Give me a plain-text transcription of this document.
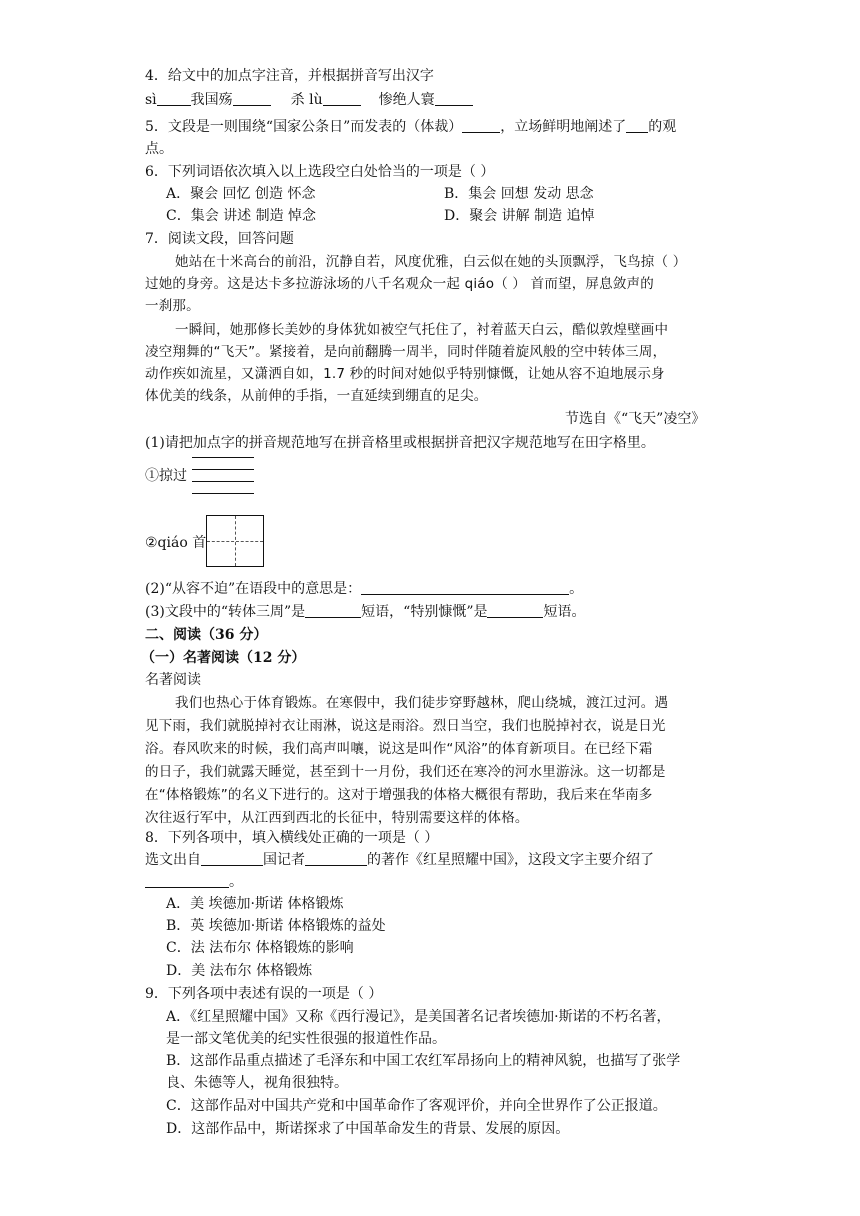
4．给文中的加点字注音，并根据拼音写出汉字
sì 我国殇	杀 lù	惨绝人寰
5．文段是一则围绕“国家公条日”而发表的（体裁）	，立场鲜明地阐述了 的观
点。
6．下列词语依次填入以上选段空白处恰当的一项是（ ）
A．聚会 回忆 创造 怀念	B．集会 回想 发动 思念
C．集会 讲述 制造 悼念	D．聚会 讲解 制造 追悼
7．阅读文段，回答问题
她站在十米高台的前沿，沉静自若，风度优雅，白云似在她的头顶飘浮，飞鸟掠（ ）
过她的身旁。这是达卡多拉游泳场的八千名观众一起 qiáo（ ） 首而望，屏息敛声的
一刹那。
一瞬间，她那修长美妙的身体犹如被空气托住了，衬着蓝天白云，酷似敦煌壁画中
凌空翔舞的“飞天”。紧接着，是向前翻腾一周半，同时伴随着旋风般的空中转体三周，
动作疾如流星，又潇洒自如，1.7 秒的时间对她似乎特别慷慨，让她从容不迫地展示身
体优美的线条，从前伸的手指，一直延续到绷直的足尖。
节选自《“飞天”凌空》
(1)请把加点字的拼音规范地写在拼音格里或根据拼音把汉字规范地写在田字格里。
①掠过
②qiáo 首
(2)“从容不迫”在语段中的意思是：	。
(3)文段中的“转体三周”是	短语，“特别慷慨”是	短语。
二、阅读（36 分）
（一）名著阅读（12 分）
名著阅读
我们也热心于体育锻炼。在寒假中，我们徒步穿野越林，爬山绕城，渡江过河。遇
见下雨，我们就脱掉衬衣让雨淋，说这是雨浴。烈日当空，我们也脱掉衬衣，说是日光
浴。春风吹来的时候，我们高声叫嚷，说这是叫作“风浴”的体育新项目。在已经下霜
的日子，我们就露天睡觉，甚至到十一月份，我们还在寒冷的河水里游泳。这一切都是
在“体格锻炼”的名义下进行的。这对于增强我的体格大概很有帮助，我后来在华南多
次往返行军中，从江西到西北的长征中，特别需要这样的体格。
8．下列各项中，填入横线处正确的一项是（ ）
选文出自	国记者	的著作《红星照耀中国》，这段文字主要介绍了
。
A．美 埃德加·斯诺 体格锻炼
B．英 埃德加·斯诺 体格锻炼的益处
C．法 法布尔 体格锻炼的影响
D．美 法布尔 体格锻炼
9．下列各项中表述有误的一项是（ ）
A．《红星照耀中国》又称《西行漫记》，是美国著名记者埃德加·斯诺的不朽名著，
是一部文笔优美的纪实性很强的报道性作品。
B．这部作品重点描述了毛泽东和中国工农红军昂扬向上的精神风貌，也描写了张学
良、朱德等人，视角很独特。
C．这部作品对中国共产党和中国革命作了客观评价，并向全世界作了公正报道。
D．这部作品中，斯诺探求了中国革命发生的背景、发展的原因。
